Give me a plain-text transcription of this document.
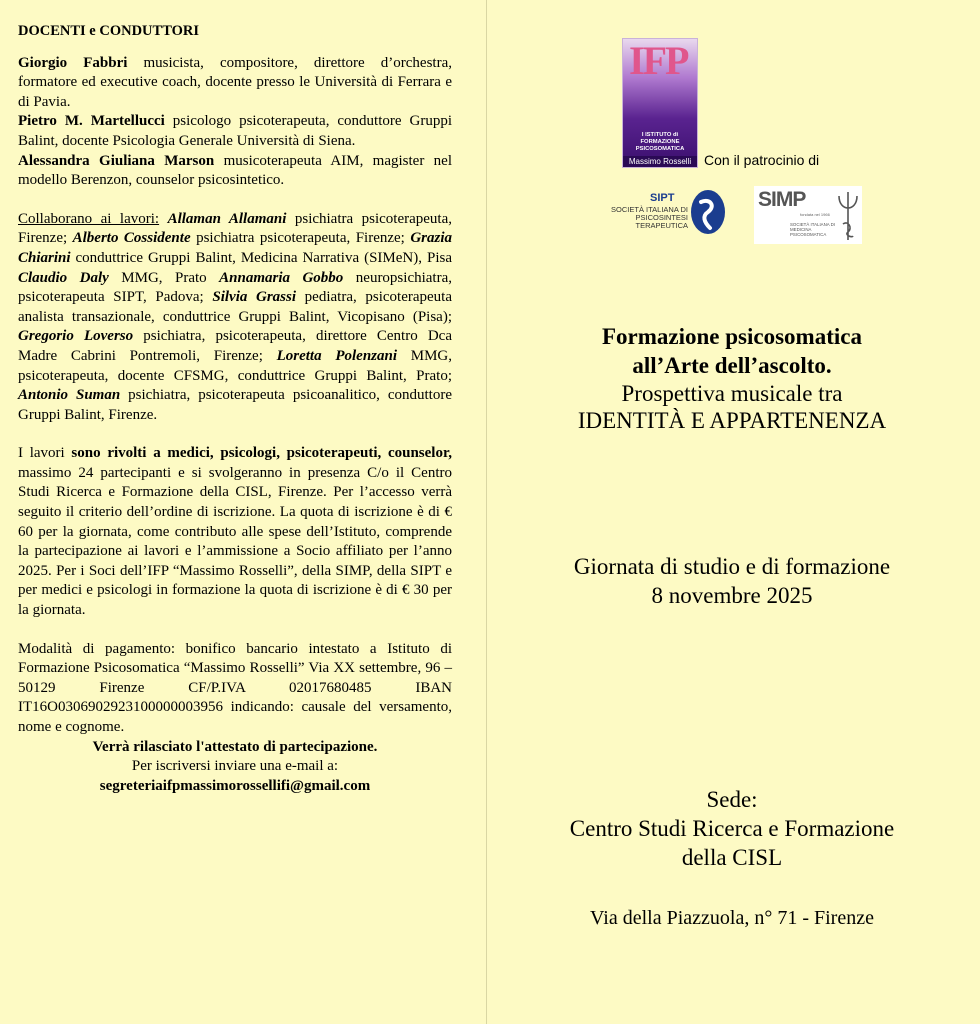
DOCENTI e CONDUTTORI

Giorgio Fabbri musicista, compositore, direttore d’orchestra, formatore ed executive coach, docente presso le Università di Ferrara e di Pavia.

Pietro M. Martellucci psicologo psicoterapeuta, conduttore Gruppi Balint, docente Psicologia Generale Università di Siena.

Alessandra Giuliana Marson musicoterapeuta AIM, magister nel modello Berenzon, counselor psicosintetico.

Collaborano ai lavori: Allaman Allamani psichiatra psicoterapeuta, Firenze; Alberto Cossidente psichiatra psicoterapeuta, Firenze; Grazia Chiarini conduttrice Gruppi Balint, Medicina Narrativa (SIMeN), Pisa Claudio Daly MMG, Prato Annamaria Gobbo neuropsichiatra, psicoterapeuta SIPT, Padova; Silvia Grassi pediatra, psicoterapeuta analista transazionale, conduttrice Gruppi Balint, Vicopisano (Pisa); Gregorio Loverso psichiatra, psicoterapeuta, direttore Centro Dca Madre Cabrini Pontremoli, Firenze; Loretta Polenzani MMG, psicoterapeuta, docente CFSMG, conduttrice Gruppi Balint, Prato; Antonio Suman psichiatra, psicoterapeuta psicoanalitico, conduttore Gruppi Balint, Firenze.

I lavori sono rivolti a medici, psicologi, psicoterapeuti, counselor, massimo 24 partecipanti e si svolgeranno in presenza C/o il Centro Studi Ricerca e Formazione della CISL, Firenze. Per l’accesso verrà seguito il criterio dell’ordine di iscrizione. La quota di iscrizione è di € 60 per la giornata, come contributo alle spese dell’Istituto, comprende la partecipazione ai lavori e l’ammissione a Socio affiliato per l’anno 2025. Per i Soci dell’IFP “Massimo Rosselli”, della SIMP, della SIPT e per medici e psicologi in formazione la quota di iscrizione è di € 30 per la giornata.

Modalità di pagamento: bonifico bancario intestato a Istituto di Formazione Psicosomatica “Massimo Rosselli” Via XX settembre, 96 – 50129 Firenze CF/P.IVA 02017680485 IBAN IT16O0306902923100000003956 indicando: causale del versamento, nome e cognome.

Verrà rilasciato l'attestato di partecipazione.

Per iscriversi inviare una e-mail a:

segreteriaifpmassimorossellifi@gmail.com

IFP
I ISTITUTO di FORMAZIONE PSICOSOMATICA
Massimo Rosselli Con il patrocinio di
SIPT
SOCIETÀ ITALIANA DI PSICOSINTESI TERAPEUTICA
SIMP
fondata nel 1966
SOCIETÀ ITALIANA DI MEDICINA PSICOSOMATICA
Formazione psicosomatica
all’Arte dell’ascolto.
Prospettiva musicale tra
IDENTITÀ E APPARTENENZA
Giornata di studio e di formazione
8 novembre 2025
Sede:
Centro Studi Ricerca e Formazione
della CISL
Via della Piazzuola, n° 71 - Firenze
